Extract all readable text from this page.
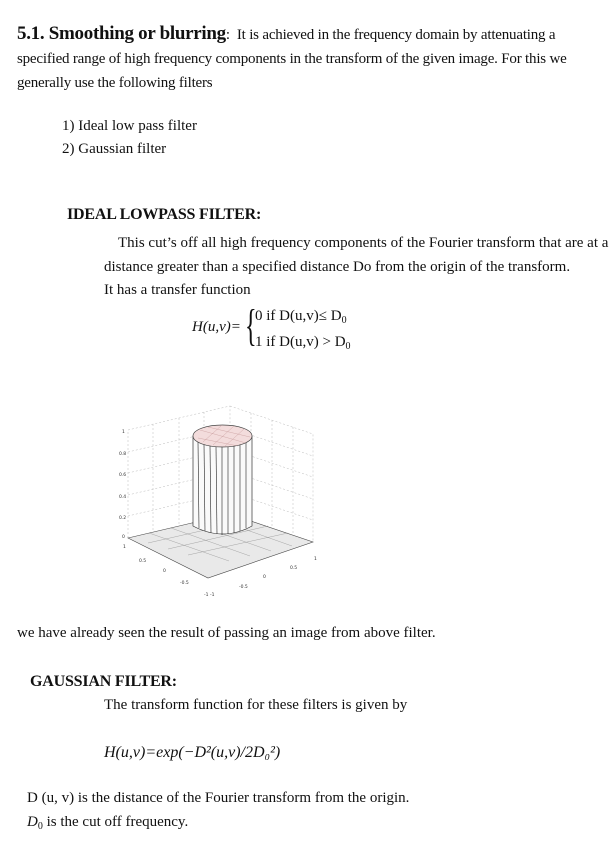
5.1. Smoothing or blurring: It is achieved in the frequency domain by attenuating a specified range of high frequency components in the transform of the given image. For this we generally use the following filters
1) Ideal low pass filter
2) Gaussian filter
IDEAL LOWPASS FILTER:
This cut’s off all high frequency components of the Fourier transform that are at a
distance greater than a specified distance Do from the origin of the transform.
It has a transfer function
H(u,v)= {
0 if $D(u,v)\le D_0$
1 if $D(u,v) > D_0$
1
0.8
0.6
0.4
0.2
0
1
0.5
0
-0.5
-1 -1
-0.5
0
0.5
1
we have already seen the result of passing an image from above filter.
GAUSSIAN FILTER:
The transform function for these filters is given by
H(u,v)=exp(−D²(u,v)/2D₀²)
D (u, v) is the distance of the Fourier transform from the origin.
$D_0$ is the cut off frequency.
